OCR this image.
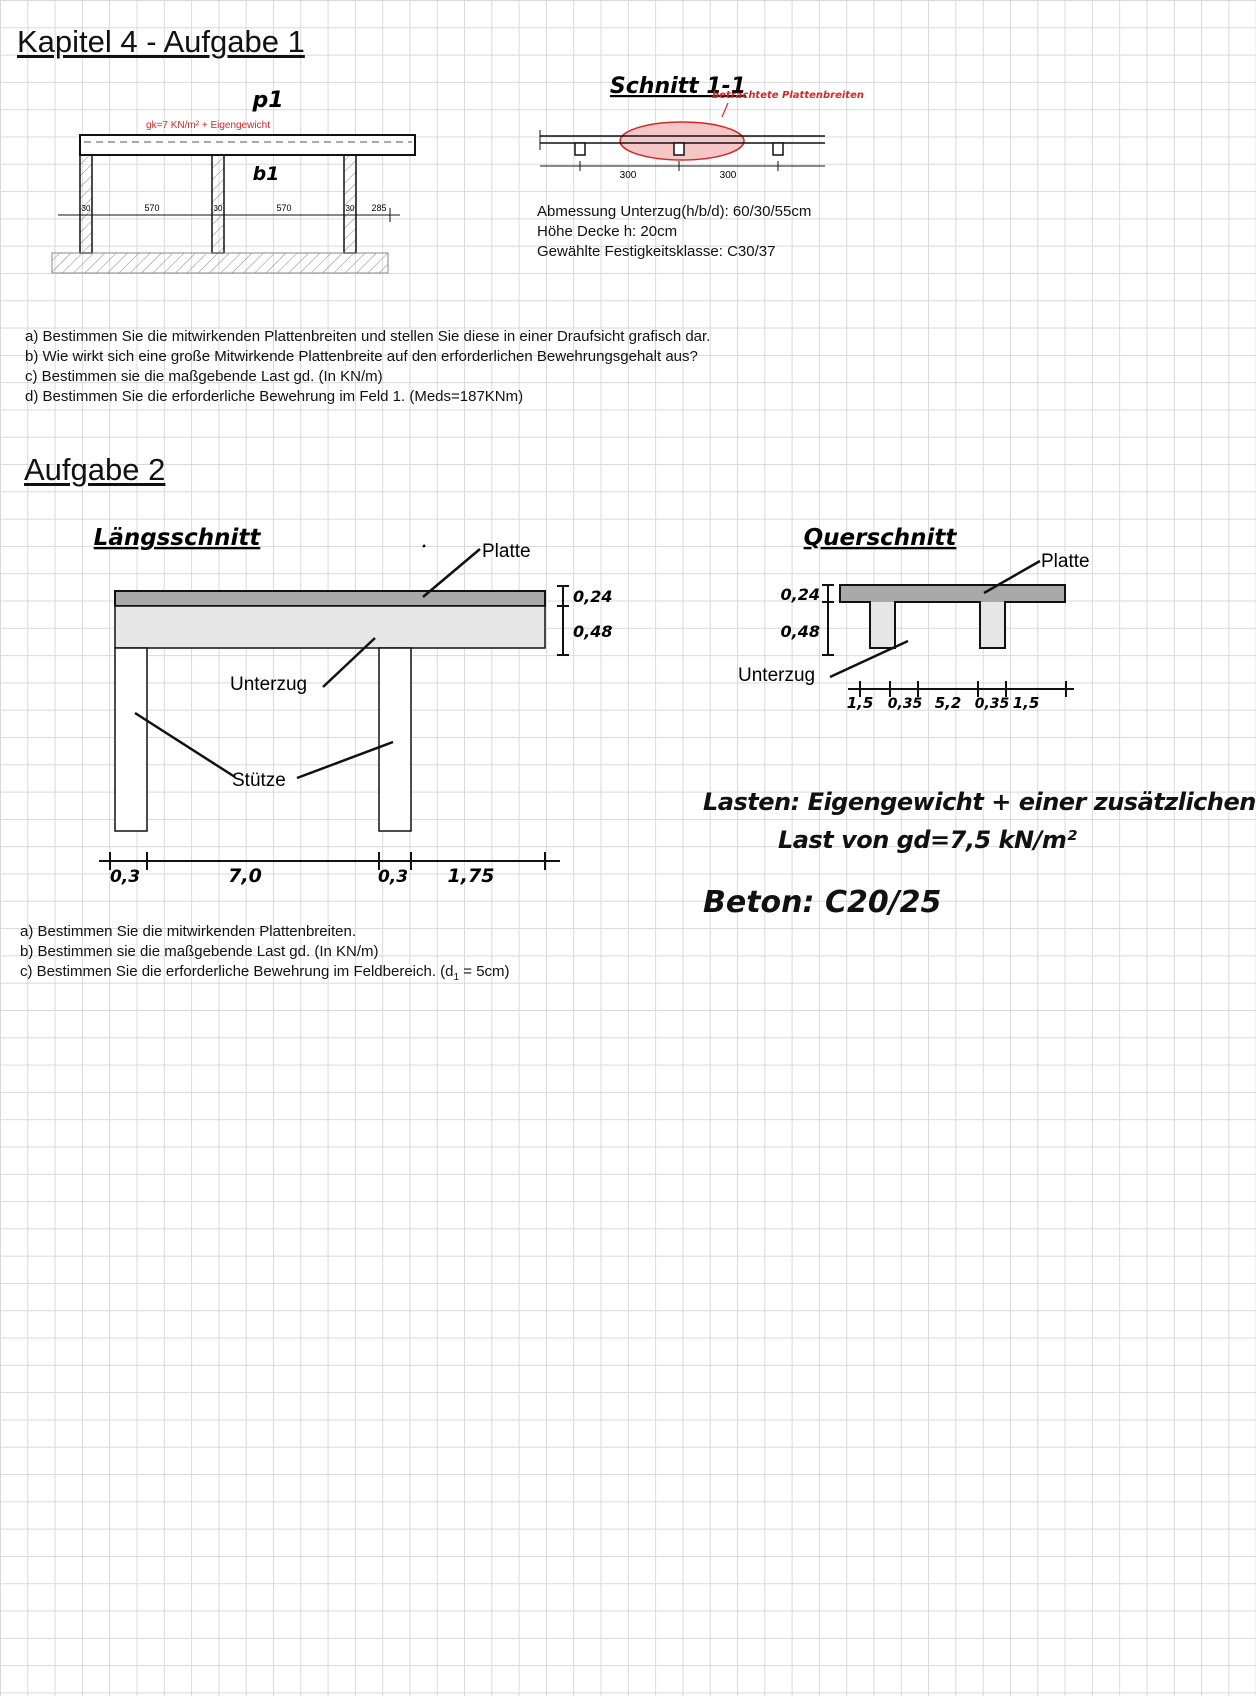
Kapitel 4 - Aufgabe 1
gk=7 KN/m² + Eigengewicht
p1
b1
30	570	30	570	30 285
Schnitt 1-1
betrachtete Plattenbreiten
300	300
Abmessung Unterzug(h/b/d): 60/30/55cm
Höhe Decke h: 20cm
Gewählte Festigkeitsklasse: C30/37
a) Bestimmen Sie die mitwirkenden Plattenbreiten und stellen Sie diese in einer Draufsicht grafisch dar.
b) Wie wirkt sich eine große Mitwirkende Plattenbreite auf den erforderlichen Bewehrungsgehalt aus?
c) Bestimmen sie die maßgebende Last gd. (In KN/m)
d) Bestimmen Sie die erforderliche Bewehrung im Feld 1. (Meds=187KNm)
Aufgabe 2
Längsschnitt
Platte
Unterzug
Stütze
0,24
0,48
0,3	7,0	0,3 1,75
Querschnitt
Platte
Unterzug
0,24
0,48
1,5 0,35 5,2 0,35 1,5
Lasten: Eigengewicht + einer zusätzlichen
Last von gd=7,5 kN/m²
Beton: C20/25
a) Bestimmen Sie die mitwirkenden Plattenbreiten.
b) Bestimmen sie die maßgebende Last gd. (In KN/m)
c) Bestimmen Sie die erforderliche Bewehrung im Feldbereich. $(d_1 = 5cm)$
